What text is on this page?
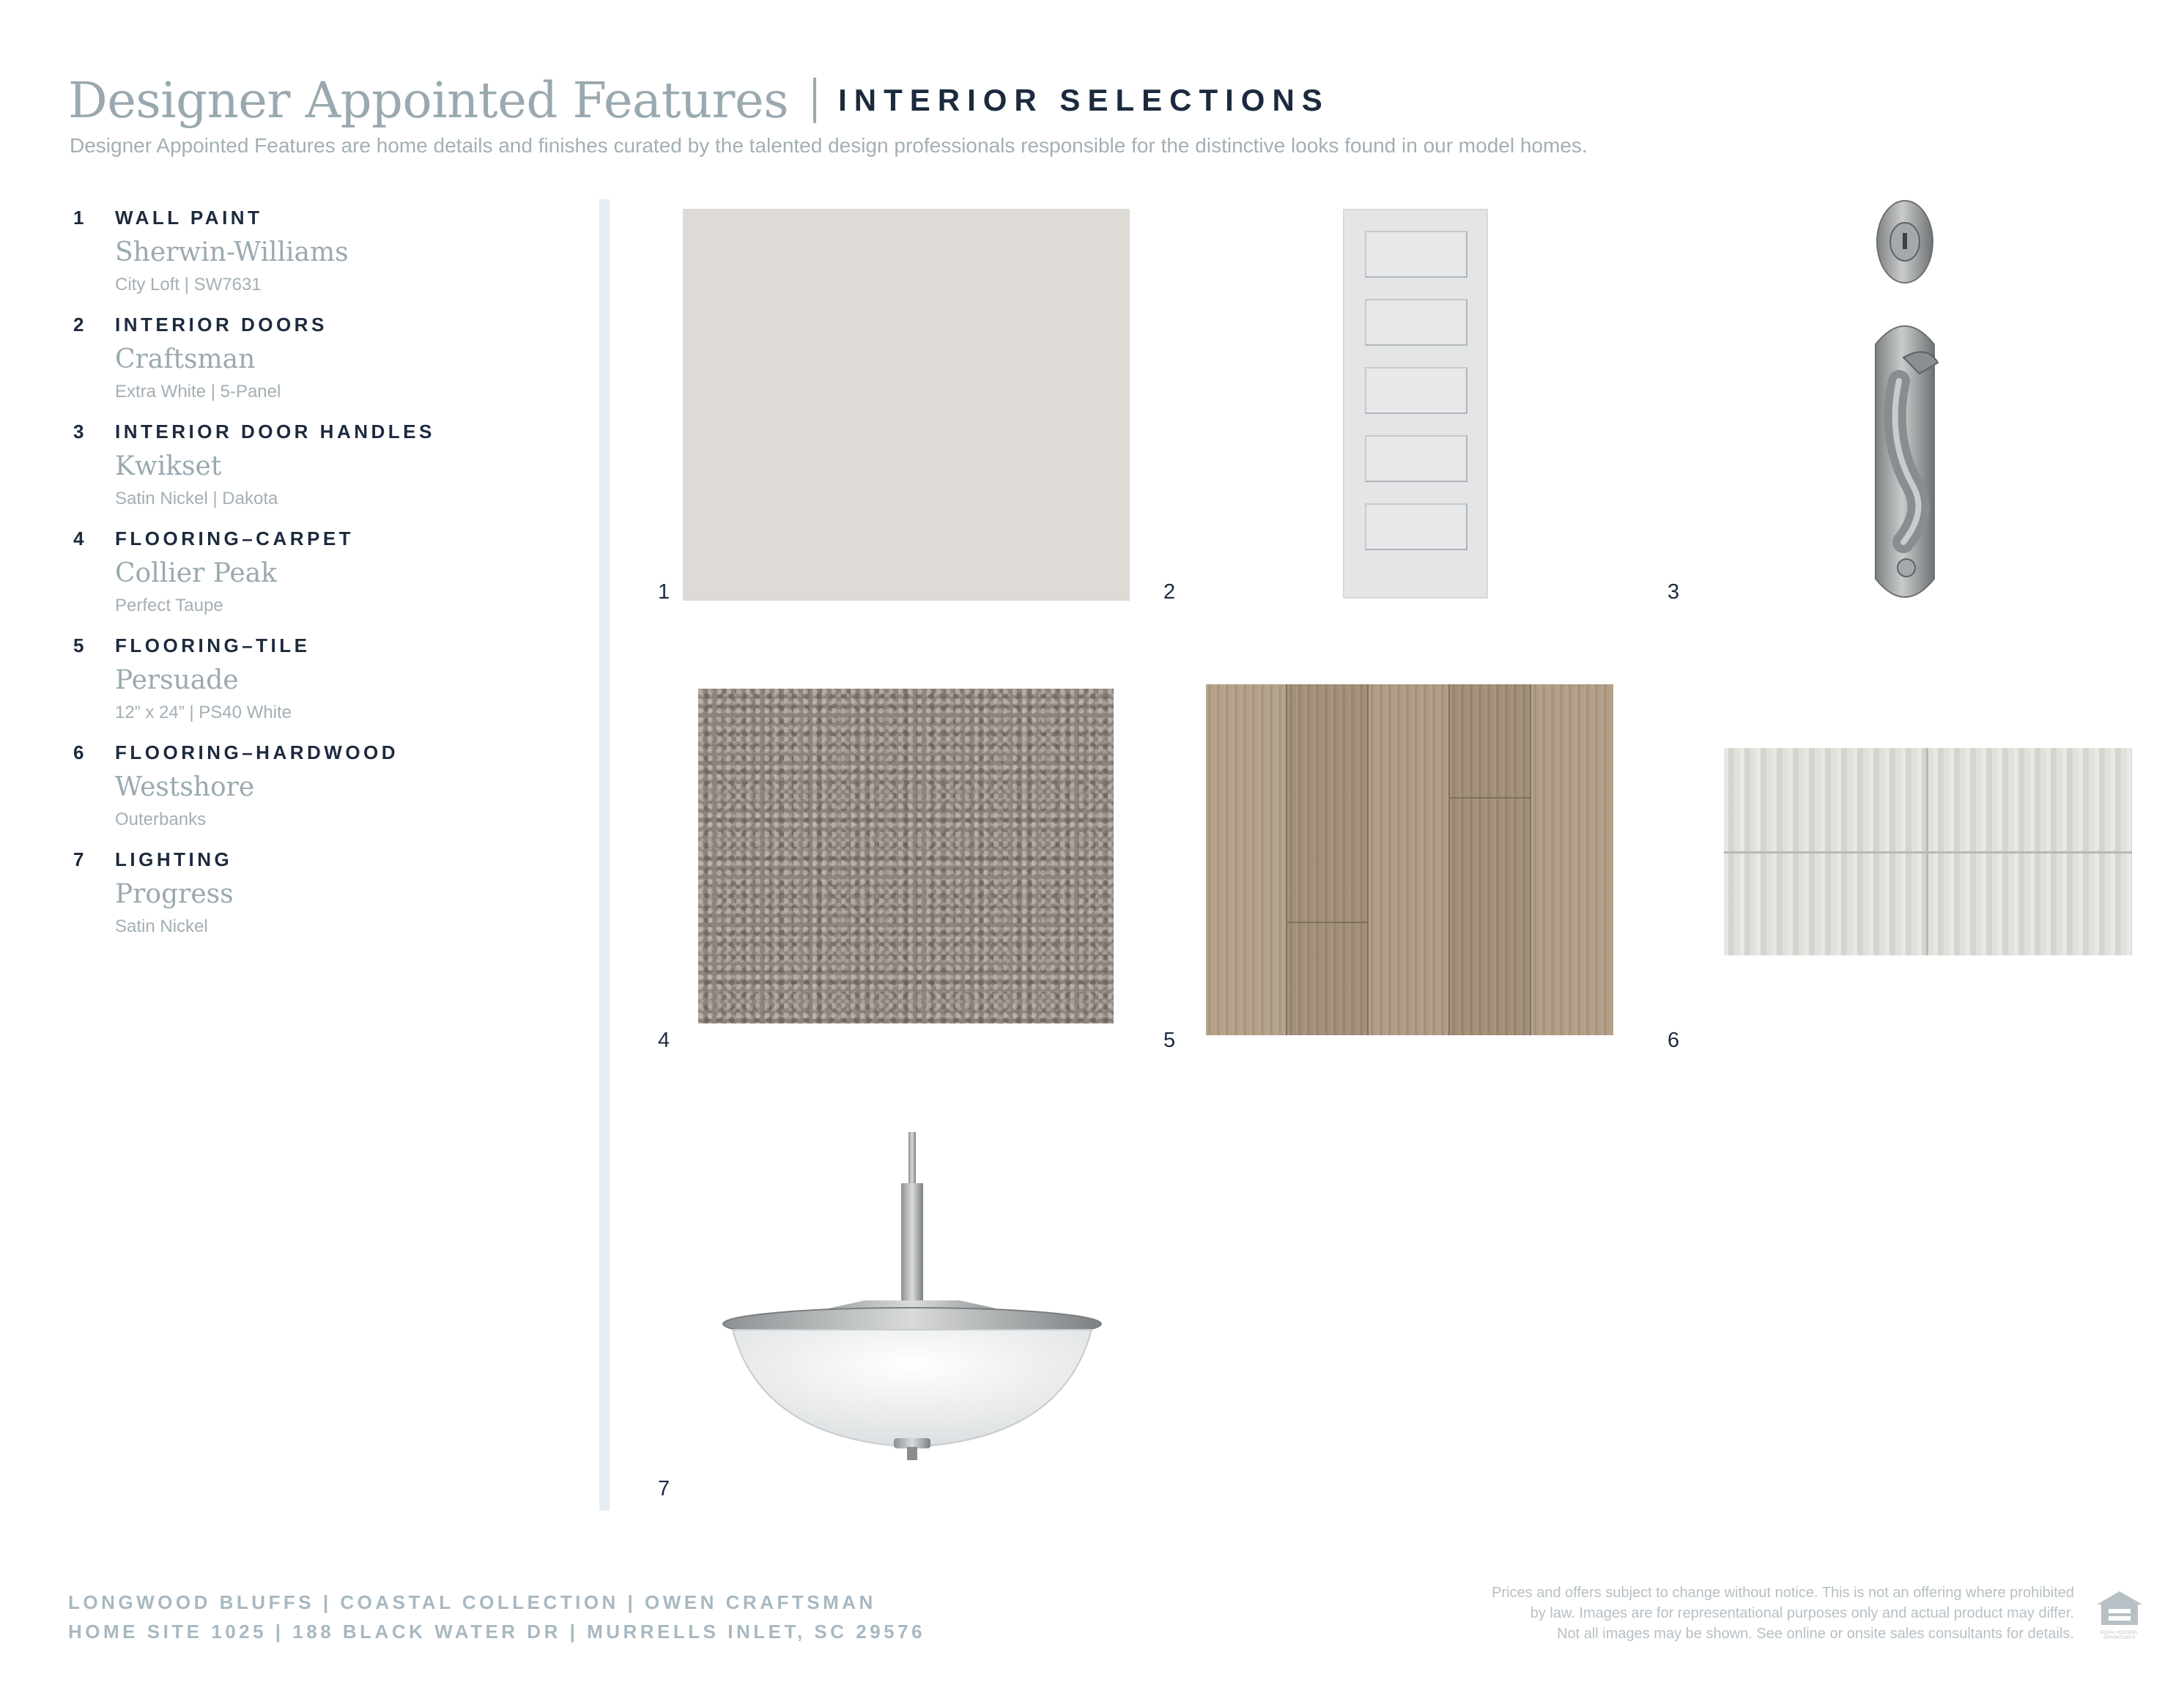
Designer Appointed Features INTERIOR SELECTIONS

Designer Appointed Features are home details and finishes curated by the talented design professionals responsible for the distinctive looks found in our model homes.

1 WALL PAINT
Sherwin-Williams
City Loft | SW7631
2 INTERIOR DOORS
Craftsman
Extra White | 5-Panel
3 INTERIOR DOOR HANDLES
Kwikset
Satin Nickel | Dakota
4 FLOORING–CARPET
Collier Peak
Perfect Taupe
5 FLOORING–TILE
Persuade
12” x 24” | PS40 White
6 FLOORING–HARDWOOD
Westshore
Outerbanks
7 LIGHTING
Progress
Satin Nickel
1	2	3
4	5	6
7
LONGWOOD BLUFFS | COASTAL COLLECTION | OWEN CRAFTSMAN
HOME SITE 1025 | 188 BLACK WATER DR | MURRELLS INLET, SC 29576
Prices and offers subject to change without notice. This is not an offering where prohibited
by law. Images are for representational purposes only and actual product may differ.
Not all images may be shown. See online or onsite sales consultants for details.	EQUAL HOUSING OPPORTUNITY
